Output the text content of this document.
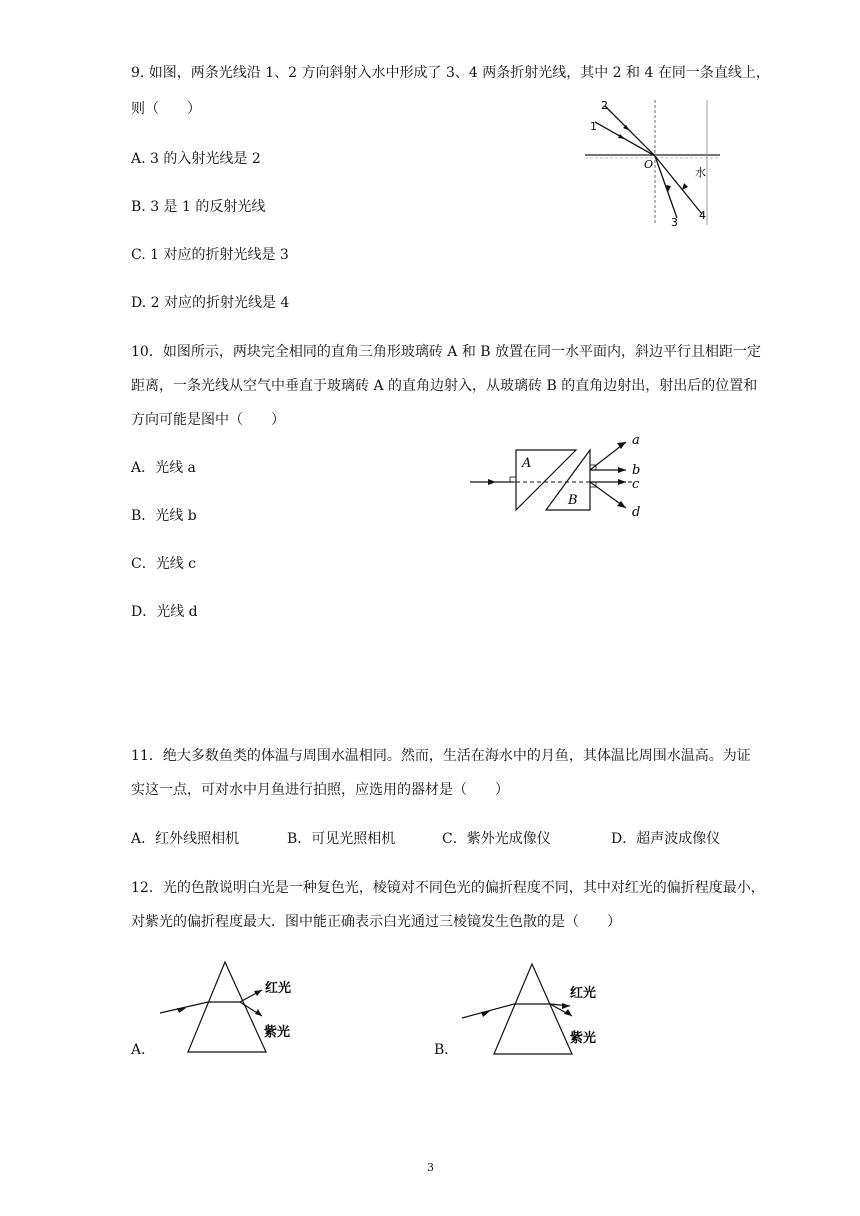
9. 如图，两条光线沿 1、2 方向斜射入水中形成了 3、4 两条折射光线，其中 2 和 4 在同一条直线上，
则（　　）
A. 3 的入射光线是 2
B. 3 是 1 的反射光线
C. 1 对应的折射光线是 3
D. 2 对应的折射光线是 4
2
1
O
3
4
水
10．如图所示，两块完全相同的直角三角形玻璃砖 A 和 B 放置在同一水平面内，斜边平行且相距一定
距离，一条光线从空气中垂直于玻璃砖 A 的直角边射入，从玻璃砖 B 的直角边射出，射出后的位置和
方向可能是图中（　　）
A．光线 a
B．光线 b
C．光线 c
D．光线 d
A
B
a
b
c
d
11．绝大多数鱼类的体温与周围水温相同。然而，生活在海水中的月鱼，其体温比周围水温高。为证
实这一点，可对水中月鱼进行拍照，应选用的器材是（　　）
A．红外线照相机	B．可见光照相机	C．紫外光成像仪	D．超声波成像仪
12．光的色散说明白光是一种复色光，棱镜对不同色光的偏折程度不同，其中对红光的偏折程度最小，
对紫光的偏折程度最大．图中能正确表示白光通过三棱镜发生色散的是（　　）
A．
红光
紫光
B．
红光
紫光
3
